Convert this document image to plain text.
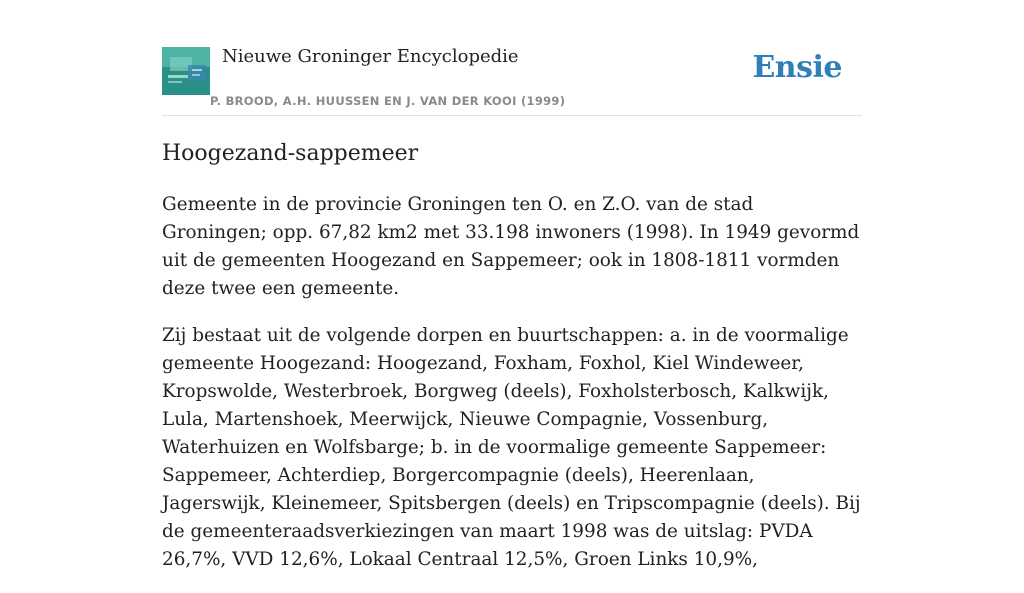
Nieuwe Groninger Encyclopedie
P. BROOD, A.H. HUUSSEN EN J. VAN DER KOOI (1999)
Ensie
Hoogezand-sappemeer

Gemeente in de provincie Groningen ten O. en Z.O. van de stad Groningen; opp. 67,82 km2 met 33.198 inwoners (1998). In 1949 gevormd uit de gemeenten Hoogezand en Sappemeer; ook in 1808-1811 vormden deze twee een gemeente.

Zij bestaat uit de volgende dorpen en buurtschappen: a. in de voormalige gemeente Hoogezand: Hoogezand, Foxham, Foxhol, Kiel Windeweer, Kropswolde, Westerbroek, Borgweg (deels), Foxholsterbosch, Kalkwijk, Lula, Martenshoek, Meerwijck, Nieuwe Compagnie, Vossenburg, Waterhuizen en Wolfsbarge; b. in de voormalige gemeente Sappemeer: Sappemeer, Achterdiep, Borgercompagnie (deels), Heerenlaan, Jagerswijk, Kleinemeer, Spitsbergen (deels) en Tripscompagnie (deels). Bij de gemeenteraadsverkiezingen van maart 1998 was de uitslag: PVDA 26,7%, VVD 12,6%, Lokaal Centraal 12,5%, Groen Links 10,9%,
